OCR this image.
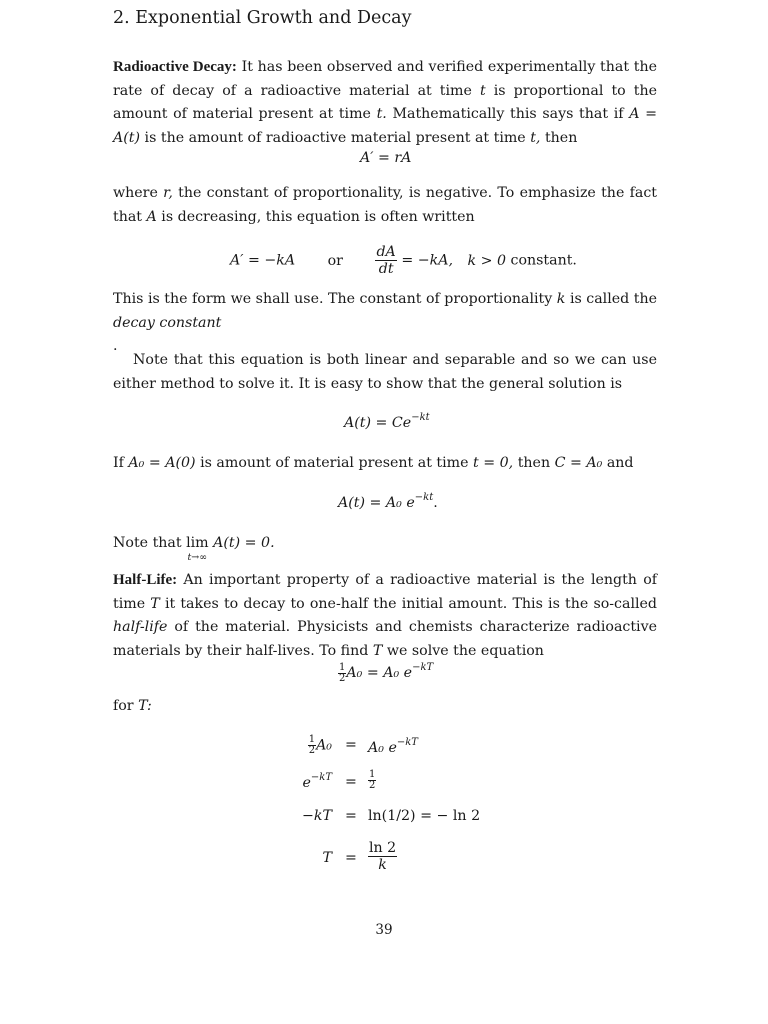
2. Exponential Growth and Decay

Radioactive Decay: It has been observed and verified experimentally that the rate of decay of a radioactive material at time t is proportional to the amount of material present at time t. Mathematically this says that if A = A(t) is the amount of radioactive material present at time t, then

A′ = rA

where r, the constant of proportionality, is negative. To emphasize the fact that A is decreasing, this equation is often written

A′ = −kA or $\frac{dA}{dt} = -kA$, k > 0 constant.

This is the form we shall use. The constant of proportionality k is called the decay constant
.

Note that this equation is both linear and separable and so we can use either method to solve it. It is easy to show that the general solution is

$A(t) = Ce^{-kt}$

If A₀ = A(0) is amount of material present at time t = 0, then C = A₀ and

A(t) = A₀ $e^{-kt}$.
Note that lim
t→∞
A(t) = 0.

Half-Life: An important property of a radioactive material is the length of time T it takes to decay to one-half the initial amount. This is the so-called half-life of the material. Physicists and chemists characterize radioactive materials by their half-lives. To find T we solve the equation

$\frac{1}{2} A_0 = A_0$ $e^{-kT}$
for T:
$\frac{1}{2} A_0 = A_0$ $e^{-kT}$
$e^{-kT} = \frac{1}{2}$
−kT = ln(1/2) = − ln 2
$T = \frac{\ln 2}{k}$
39
